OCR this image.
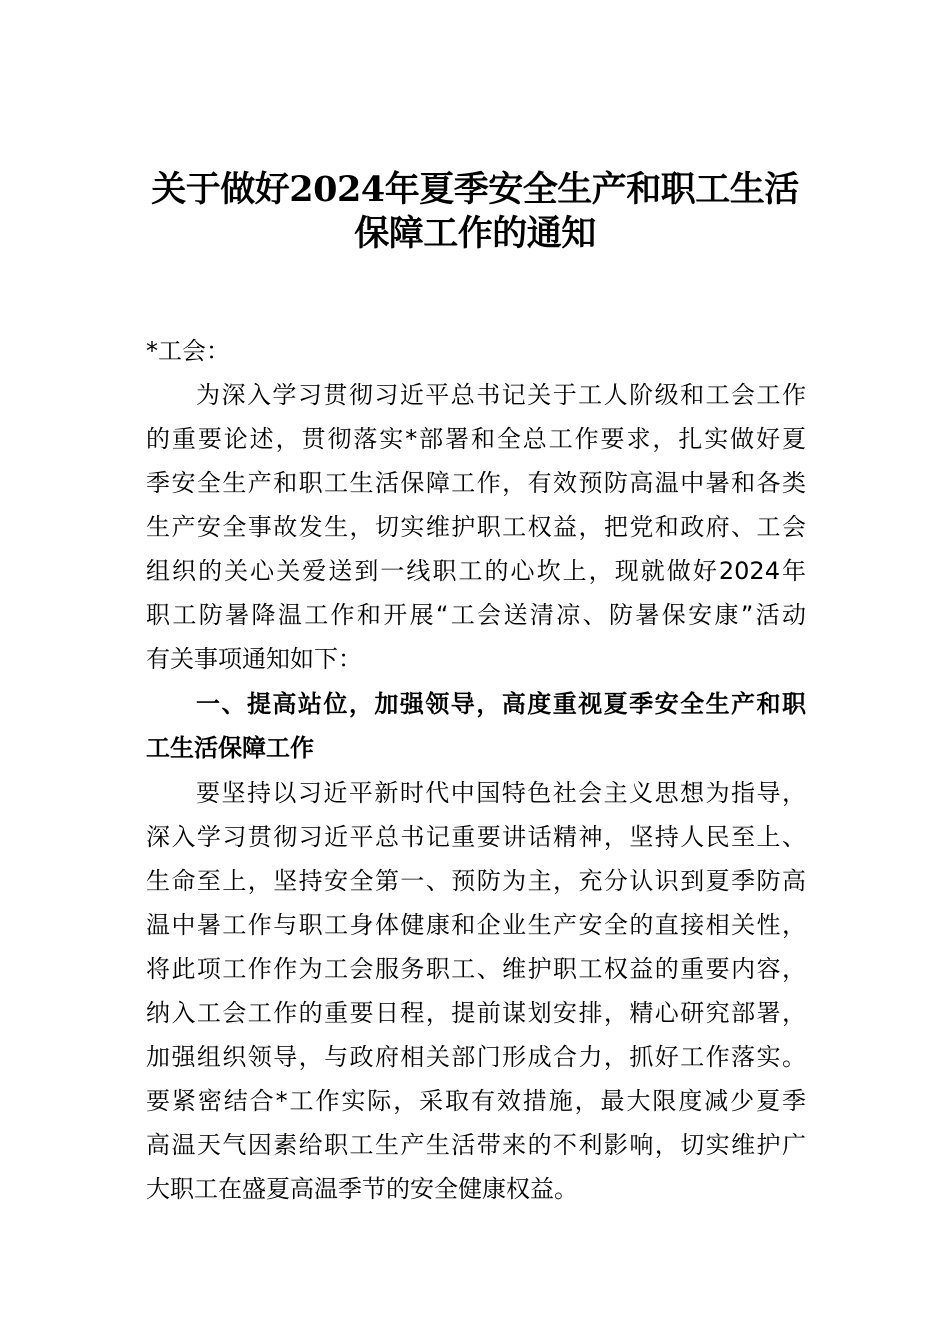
关于做好2024年夏季安全生产和职工生活
保障工作的通知
*工会：
为深入学习贯彻习近平总书记关于工人阶级和工会工作
的重要论述，贯彻落实*部署和全总工作要求，扎实做好夏
季安全生产和职工生活保障工作，有效预防高温中暑和各类
生产安全事故发生，切实维护职工权益，把党和政府、工会
组织的关心关爱送到一线职工的心坎上，现就做好2024年
职工防暑降温工作和开展“工会送清凉、防暑保安康”活动
有关事项通知如下：
一、提高站位，加强领导，高度重视夏季安全生产和职
工生活保障工作
要坚持以习近平新时代中国特色社会主义思想为指导，
深入学习贯彻习近平总书记重要讲话精神，坚持人民至上、
生命至上，坚持安全第一、预防为主，充分认识到夏季防高
温中暑工作与职工身体健康和企业生产安全的直接相关性，
将此项工作作为工会服务职工、维护职工权益的重要内容，
纳入工会工作的重要日程，提前谋划安排，精心研究部署，
加强组织领导，与政府相关部门形成合力，抓好工作落实。
要紧密结合*工作实际，采取有效措施，最大限度减少夏季
高温天气因素给职工生产生活带来的不利影响，切实维护广
大职工在盛夏高温季节的安全健康权益。
